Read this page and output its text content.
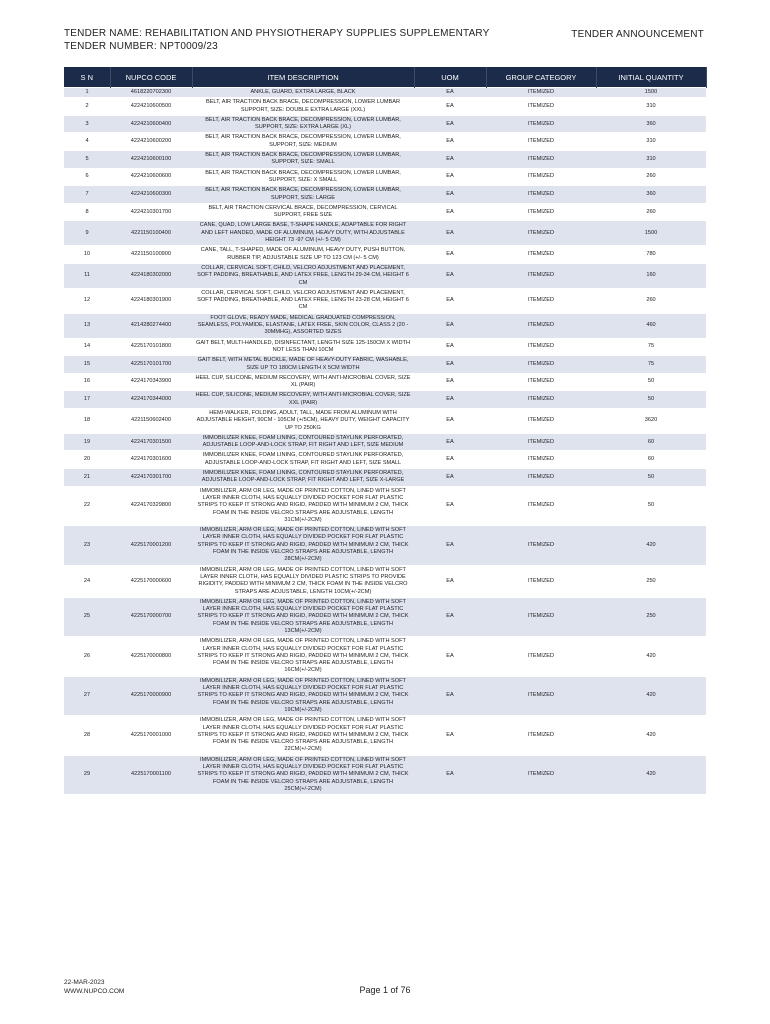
TENDER NAME: REHABILITATION AND PHYSIOTHERAPY SUPPLIES SUPPLEMENTARY
TENDER NUMBER: NPT0009/23
TENDER ANNOUNCEMENT
S N	NUPCO CODE	ITEM DESCRIPTION	UOM	GROUP CATEGORY	INITIAL QUANTITY
1	4618220702300	ANKLE, GUARD, EXTRA LARGE, BLACK	EA	ITEMIZED	1500
2	4224210600500	BELT, AIR TRACTION BACK BRACE, DECOMPRESSION, LOWER LUMBAR SUPPORT, SIZE: DOUBLE EXTRA LARGE (XXL)	EA	ITEMIZED	310
3	4224210600400	BELT, AIR TRACTION BACK BRACE, DECOMPRESSION, LOWER LUMBAR, SUPPORT, SIZE: EXTRA LARGE (XL)	EA	ITEMIZED	360
4	4224210600200	BELT, AIR TRACTION BACK BRACE, DECOMPRESSION, LOWER LUMBAR, SUPPORT, SIZE: MEDIUM	EA	ITEMIZED	310
5	4224210600100	BELT, AIR TRACTION BACK BRACE, DECOMPRESSION, LOWER LUMBAR, SUPPORT, SIZE: SMALL	EA	ITEMIZED	310
6	4224210600600	BELT, AIR TRACTION BACK BRACE, DECOMPRESSION, LOWER LUMBAR, SUPPORT, SIZE: X SMALL	EA	ITEMIZED	260
7	4224210600300	BELT, AIR TRACTION BACK BRACE, DECOMPRESSION, LOWER LUMBAR, SUPPORT, SIZE: LARGE	EA	ITEMIZED	360
8	4224210301700	BELT, AIR TRACTION CERVICAL BRACE, DECOMPRESSION, CERVICAL SUPPORT, FREE SIZE	EA	ITEMIZED	260
9	4221150100400	CANE, QUAD, LOW LARGE BASE, T-SHAPE HANDLE, ADAPTABLE FOR RIGHT AND LEFT HANDED, MADE OF ALUMINUM, HEAVY DUTY, WITH ADJUSTABLE HEIGHT 73 -97 CM (+/- 5 CM)	EA	ITEMIZED	1500
10	4221150100900	CANE, TALL, T-SHAPED, MADE OF ALUMINUM, HEAVY DUTY, PUSH BUTTON, RUBBER TIP, ADJUSTABLE SIZE UP TO 123 CM (+/- 5 CM)	EA	ITEMIZED	780
11	4224180302000	COLLAR, CERVICAL SOFT, CHILD, VELCRO ADJUSTMENT AND PLACEMENT, SOFT PADDING, BREATHABLE, AND LATEX FREE, LENGTH 29-34 CM, HEIGHT 6 CM	EA	ITEMIZED	160
12	4224180301900	COLLAR, CERVICAL SOFT, CHILD, VELCRO ADJUSTMENT AND PLACEMENT, SOFT PADDING, BREATHABLE, AND LATEX FREE, LENGTH 23-28 CM, HEIGHT 6 CM	EA	ITEMIZED	260
13	4214280274400	FOOT GLOVE, READY MADE, MEDICAL GRADUATED COMPRESSION, SEAMLESS, POLYAMIDE, ELASTANE, LATEX FREE, SKIN COLOR, CLASS 2 (20 - 30MMHG), ASSORTED SIZES	EA	ITEMIZED	460
14	4225170101800	GAIT BELT, MULTI-HANDLED, DISINFECTANT, LENGTH SIZE 125-150CM X WIDTH NOT LESS THAN 10CM	EA	ITEMIZED	75
15	4225170101700	GAIT BELT, WITH METAL BUCKLE, MADE OF HEAVY-DUTY FABRIC, WASHABLE, SIZE UP TO 180CM LENGTH X 5CM WIDTH	EA	ITEMIZED	75
16	4224170343900	HEEL CUP, SILICONE, MEDIUM RECOVERY, WITH ANTI-MICROBIAL COVER, SIZE XL (PAIR)	EA	ITEMIZED	50
17	4224170344000	HEEL CUP, SILICONE, MEDIUM RECOVERY, WITH ANTI-MICROBIAL COVER, SIZE XXL (PAIR)	EA	ITEMIZED	50
18	4221150602400	HEMI-WALKER, FOLDING, ADULT, TALL, MADE FROM ALUMINUM WITH ADJUSTABLE HEIGHT, 90CM - 105CM (+/5CM), HEAVY DUTY, WEIGHT CAPACITY UP TO 250KG	EA	ITEMIZED	3620
19	4224170301500	IMMOBILIZER KNEE, FOAM LINING, CONTOURED STAYLINK PERFORATED, ADJUSTABLE LOOP-AND-LOCK STRAP, FIT RIGHT AND LEFT, SIZE MEDIUM	EA	ITEMIZED	60
20	4224170301600	IMMOBILIZER KNEE, FOAM LINING, CONTOURED STAYLINK PERFORATED, ADJUSTABLE LOOP-AND-LOCK STRAP, FIT RIGHT AND LEFT, SIZE SMALL	EA	ITEMIZED	60
21	4224170301700	IMMOBILIZER KNEE, FOAM LINING, CONTOURED STAYLINK PERFORATED, ADJUSTABLE LOOP-AND-LOCK STRAP, FIT RIGHT AND LEFT, SIZE X-LARGE	EA	ITEMIZED	50
22	4224170329800	IMMOBILIZER, ARM OR LEG, MADE OF PRINTED COTTON, LINED WITH SOFT LAYER INNER CLOTH, HAS EQUALLY DIVIDED POCKET FOR FLAT PLASTIC STRIPS TO KEEP IT STRONG AND RIGID, PADDED WITH MINIMUM 2 CM, THICK FOAM IN THE INSIDE VELCRO STRAPS ARE ADJUSTABLE, LENGTH 31CM(+/-2CM)	EA	ITEMIZED	50
23	4225170001200	IMMOBILIZER, ARM OR LEG, MADE OF PRINTED COTTON, LINED WITH SOFT LAYER INNER CLOTH, HAS EQUALLY DIVIDED POCKET FOR FLAT PLASTIC STRIPS TO KEEP IT STRONG AND RIGID, PADDED WITH MINIMUM 2 CM, THICK FOAM IN THE INSIDE VELCRO STRAPS ARE ADJUSTABLE, LENGTH 28CM(+/-2CM)	EA	ITEMIZED	420
24	4225170000600	IMMOBILIZER, ARM OR LEG, MADE OF PRINTED COTTON, LINED WITH SOFT LAYER INNER CLOTH, HAS EQUALLY DIVIDED PLASTIC STRIPS TO PROVIDE RIGIDITY, PADDED WITH MINIMUM 2 CM, THICK FOAM IN THE INSIDE VELCRO STRAPS ARE ADJUSTABLE, LENGTH 10CM(+/-2CM)	EA	ITEMIZED	250
25	4225170000700	IMMOBILIZER, ARM OR LEG, MADE OF PRINTED COTTON, LINED WITH SOFT LAYER INNER CLOTH, HAS EQUALLY DIVIDED POCKET FOR FLAT PLASTIC STRIPS TO KEEP IT STRONG AND RIGID, PADDED WITH MINIMUM 2 CM, THICK FOAM IN THE INSIDE VELCRO STRAPS ARE ADJUSTABLE, LENGTH 13CM(+/-2CM)	EA	ITEMIZED	250
26	4225170000800	IMMOBILIZER, ARM OR LEG, MADE OF PRINTED COTTON, LINED WITH SOFT LAYER INNER CLOTH, HAS EQUALLY DIVIDED POCKET FOR FLAT PLASTIC STRIPS TO KEEP IT STRONG AND RIGID, PADDED WITH MINIMUM 2 CM, THICK FOAM IN THE INSIDE VELCRO STRAPS ARE ADJUSTABLE, LENGTH 16CM(+/-2CM)	EA	ITEMIZED	420
27	4225170000900	IMMOBILIZER, ARM OR LEG, MADE OF PRINTED COTTON, LINED WITH SOFT LAYER INNER CLOTH, HAS EQUALLY DIVIDED POCKET FOR FLAT PLASTIC STRIPS TO KEEP IT STRONG AND RIGID, PADDED WITH MINIMUM 2 CM, THICK FOAM IN THE INSIDE VELCRO STRAPS ARE ADJUSTABLE, LENGTH 19CM(+/-2CM)	EA	ITEMIZED	420
28	4225170001000	IMMOBILIZER, ARM OR LEG, MADE OF PRINTED COTTON, LINED WITH SOFT LAYER INNER CLOTH, HAS EQUALLY DIVIDED POCKET FOR FLAT PLASTIC STRIPS TO KEEP IT STRONG AND RIGID, PADDED WITH MINIMUM 2 CM, THICK FOAM IN THE INSIDE VELCRO STRAPS ARE ADJUSTABLE, LENGTH 22CM(+/-2CM)	EA	ITEMIZED	420
29	4225170001100	IMMOBILIZER, ARM OR LEG, MADE OF PRINTED COTTON, LINED WITH SOFT LAYER INNER CLOTH, HAS EQUALLY DIVIDED POCKET FOR FLAT PLASTIC STRIPS TO KEEP IT STRONG AND RIGID, PADDED WITH MINIMUM 2 CM, THICK FOAM IN THE INSIDE VELCRO STRAPS ARE ADJUSTABLE, LENGTH 25CM(+/-2CM)	EA	ITEMIZED	420
22-MAR-2023
WWW.NUPCO.COM	Page 1 of 76
